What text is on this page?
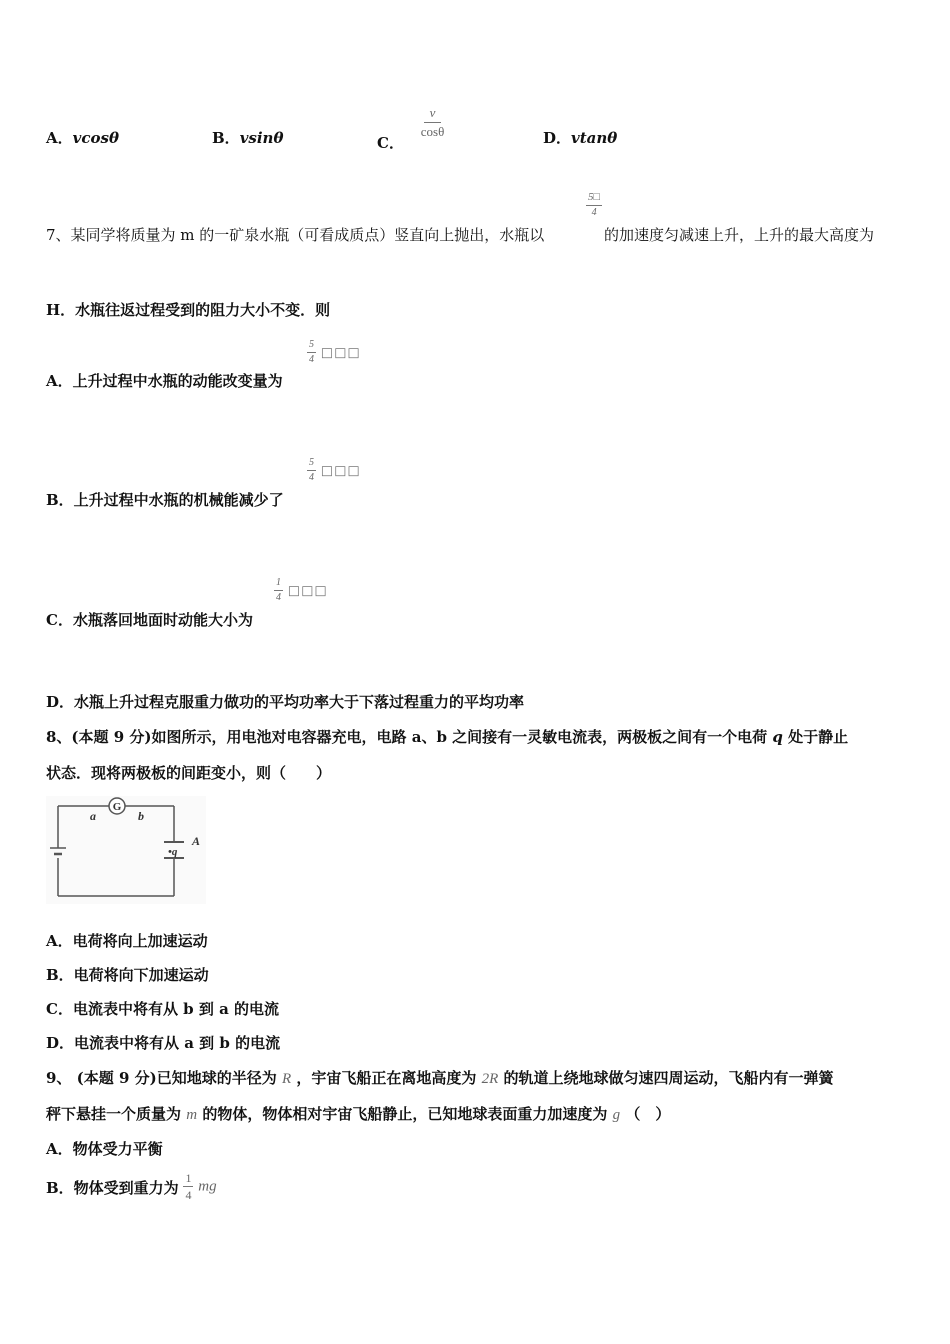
A．vcosθ	B．vsinθ	C．
$\frac{v}{\cos\theta}$	D．vtanθ
7、某同学将质量为 m 的一矿泉水瓶（可看成质点）竖直向上抛出，水瓶以
$\frac{5□}{4}$
的加速度匀减速上升，上升的最大高度为
H．水瓶往返过程受到的阻力大小不变．则
$\frac{5}{4}$ □□□
A．上升过程中水瓶的动能改变量为
$\frac{5}{4}$ □□□
B．上升过程中水瓶的机械能减少了
$\frac{1}{4}$ □□□
C．水瓶落回地面时动能大小为
D．水瓶上升过程克服重力做功的平均功率大于下落过程重力的平均功率
8、(本题 9 分)如图所示，用电池对电容器充电，电路 a、b 之间接有一灵敏电流表，两极板之间有一个电荷 q 处于静止
状态．现将两极板的间距变小，则（　　）
G
a	b
•q
A
A．电荷将向上加速运动
B．电荷将向下加速运动
C．电流表中将有从 b 到 a 的电流
D．电流表中将有从 a 到 b 的电流
9、 (本题 9 分)已知地球的半径为 R ，宇宙飞船正在离地高度为 2R 的轨道上绕地球做匀速四周运动，飞船内有一弹簧
秤下悬挂一个质量为 m 的物体，物体相对宇宙飞船静止，已知地球表面重力加速度为 g （　）
A．物体受力平衡
B．物体受到重力为 $\frac{1}{4}$ mg
